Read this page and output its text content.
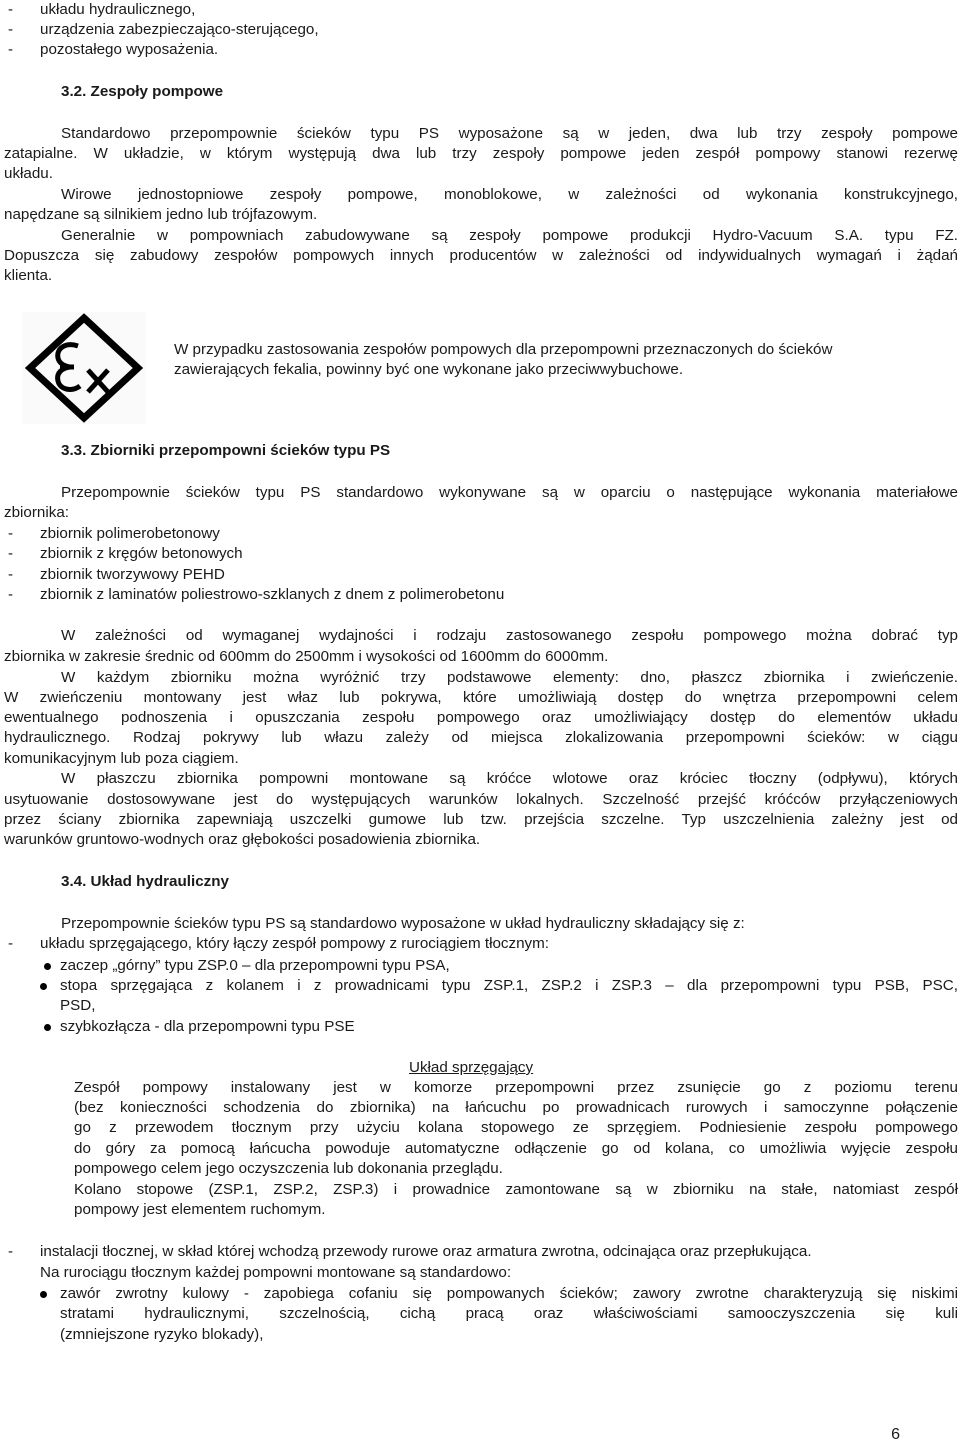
- układu hydraulicznego,
- urządzenia zabezpieczająco-sterującego,
- pozostałego wyposażenia.
3.2. Zespoły pompowe
Standardowo przepompownie ścieków typu PS wyposażone są w jeden, dwa lub trzy zespoły pompowe
zatapialne. W układzie, w którym występują dwa lub trzy zespoły pompowe jeden zespół pompowy stanowi rezerwę
układu.
Wirowe jednostopniowe zespoły pompowe, monoblokowe, w zależności od wykonania konstrukcyjnego,
napędzane są silnikiem jedno lub trójfazowym.
Generalnie w pompowniach zabudowywane są zespoły pompowe produkcji Hydro-Vacuum S.A. typu FZ.
Dopuszcza się zabudowy zespołów pompowych innych producentów w zależności od indywidualnych wymagań i żądań
klienta.
W przypadku zastosowania zespołów pompowych dla przepompowni przeznaczonych do ścieków
zawierających fekalia, powinny być one wykonane jako przeciwwybuchowe.
3.3. Zbiorniki przepompowni ścieków typu PS
Przepompownie ścieków typu PS standardowo wykonywane są w oparciu o następujące wykonania materiałowe
zbiornika:
- zbiornik polimerobetonowy
- zbiornik z kręgów betonowych
- zbiornik tworzywowy PEHD
- zbiornik z laminatów poliestrowo-szklanych z dnem z polimerobetonu
W zależności od wymaganej wydajności i rodzaju zastosowanego zespołu pompowego można dobrać typ
zbiornika w zakresie średnic od 600mm do 2500mm i wysokości od 1600mm do 6000mm.
W każdym zbiorniku można wyróżnić trzy podstawowe elementy: dno, płaszcz zbiornika i zwieńczenie.
W zwieńczeniu montowany jest właz lub pokrywa, które umożliwiają dostęp do wnętrza przepompowni celem
ewentualnego podnoszenia i opuszczania zespołu pompowego oraz umożliwiający dostęp do elementów układu
hydraulicznego. Rodzaj pokrywy lub włazu zależy od miejsca zlokalizowania przepompowni ścieków: w ciągu
komunikacyjnym lub poza ciągiem.
W płaszczu zbiornika pompowni montowane są króćce wlotowe oraz króciec tłoczny (odpływu), których
usytuowanie dostosowywane jest do występujących warunków lokalnych. Szczelność przejść króćców przyłączeniowych
przez ściany zbiornika zapewniają uszczelki gumowe lub tzw. przejścia szczelne. Typ uszczelnienia zależny jest od
warunków gruntowo-wodnych oraz głębokości posadowienia zbiornika.
3.4. Układ hydrauliczny
Przepompownie ścieków typu PS są standardowo wyposażone w układ hydrauliczny składający się z:
- układu sprzęgającego, który łączy zespół pompowy z rurociągiem tłocznym:
zaczep „górny” typu ZSP.0 – dla przepompowni typu PSA,
stopa sprzęgająca z kolanem i z prowadnicami typu ZSP.1, ZSP.2 i ZSP.3 – dla przepompowni typu PSB, PSC,
PSD,
szybkozłącza - dla przepompowni typu PSE
Układ sprzęgający
Zespół pompowy instalowany jest w komorze przepompowni przez zsunięcie go z poziomu terenu
(bez konieczności schodzenia do zbiornika) na łańcuchu po prowadnicach rurowych i samoczynne połączenie
go z przewodem tłocznym przy użyciu kolana stopowego ze sprzęgiem. Podniesienie zespołu pompowego
do góry za pomocą łańcucha powoduje automatyczne odłączenie go od kolana, co umożliwia wyjęcie zespołu
pompowego celem jego oczyszczenia lub dokonania przeglądu.
Kolano stopowe (ZSP.1, ZSP.2, ZSP.3) i prowadnice zamontowane są w zbiorniku na stałe, natomiast zespół
pompowy jest elementem ruchomym.
- instalacji tłocznej, w skład której wchodzą przewody rurowe oraz armatura zwrotna, odcinająca oraz przepłukująca.
Na rurociągu tłocznym każdej pompowni montowane są standardowo:
zawór zwrotny kulowy - zapobiega cofaniu się pompowanych ścieków; zawory zwrotne charakteryzują się niskimi
stratami hydraulicznymi, szczelnością, cichą pracą oraz właściwościami samooczyszczenia się kuli
(zmniejszone ryzyko blokady),
6
